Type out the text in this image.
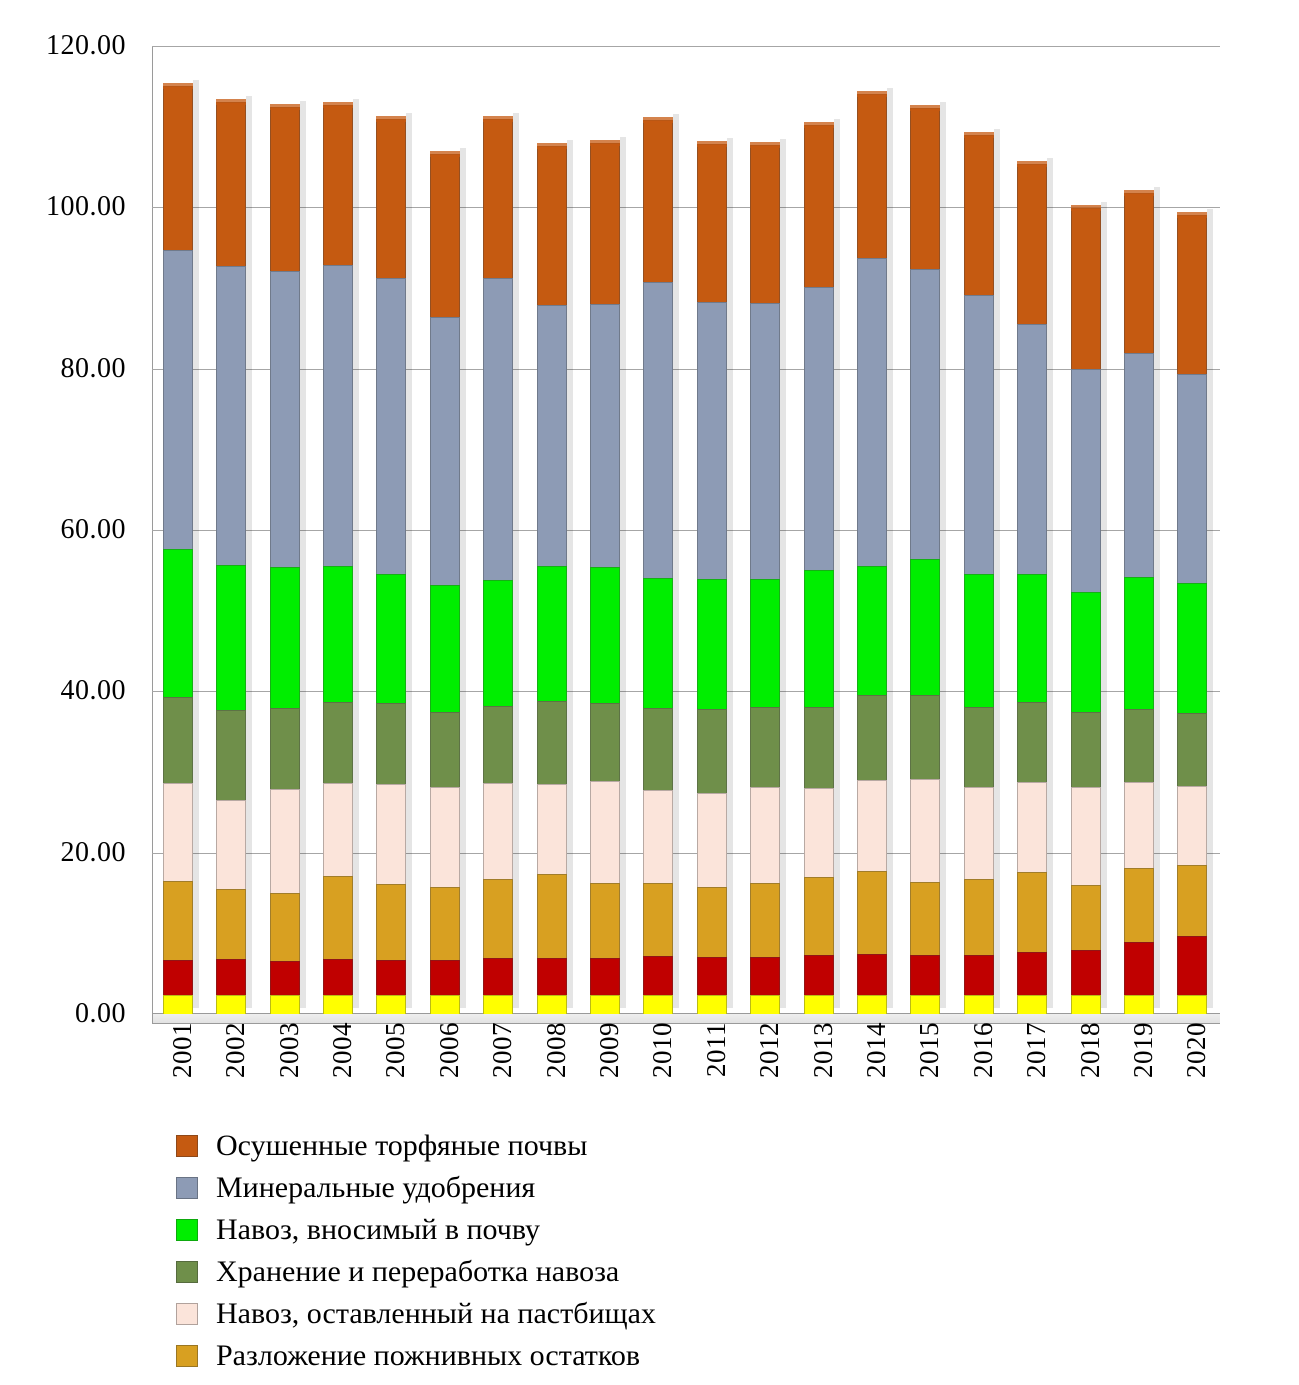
0.00
20.00
40.00
60.00
80.00
100.00
120.00
2001 2002 2003 2004 2005 2006 2007 2008 2009 2010 2011 2012 2013 2014 2015 2016 2017 2018 2019 2020
Осушенные торфяные почвы
Минеральные удобрения
Навоз, вносимый в почву
Хранение и переработка навоза
Навоз, оставленный на пастбищах
Разложение пожнивных остатков
